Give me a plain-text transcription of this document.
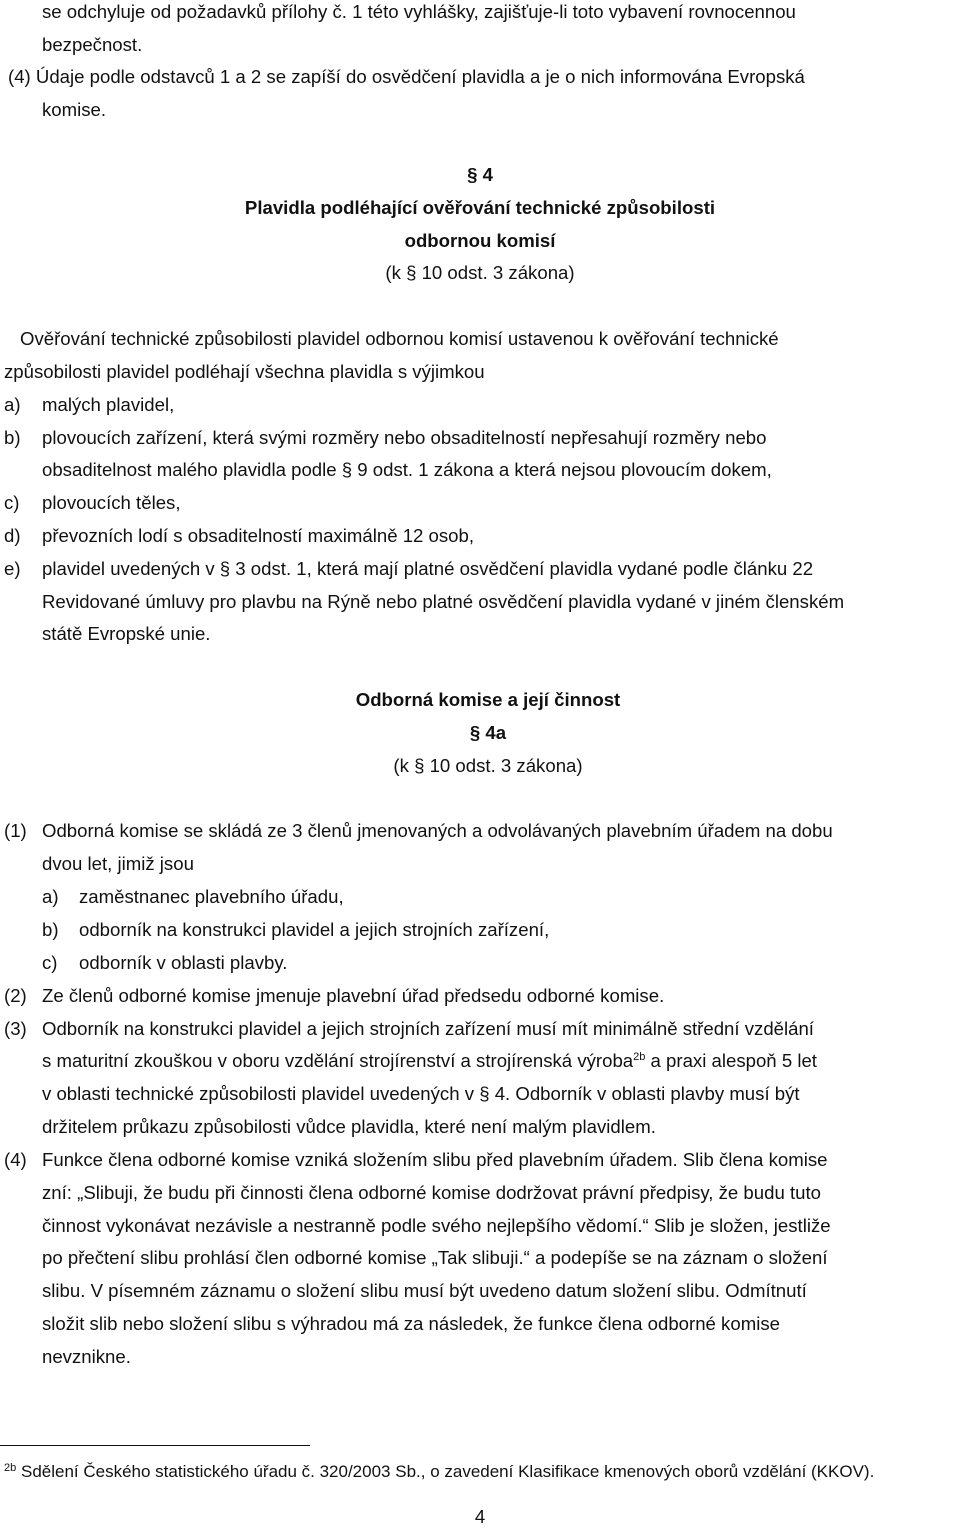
se odchyluje od požadavků přílohy č. 1 této vyhlášky, zajišťuje-li toto vybavení rovnocennou
bezpečnost.
(4) Údaje podle odstavců 1 a 2 se zapíší do osvědčení plavidla a je o nich informována Evropská
komise.
§ 4
Plavidla podléhající ověřování technické způsobilosti
odbornou komisí
(k § 10 odst. 3 zákona)
Ověřování technické způsobilosti plavidel odbornou komisí ustavenou k ověřování technické
způsobilosti plavidel podléhají všechna plavidla s výjimkou
a) malých plavidel,
b) plovoucích zařízení, která svými rozměry nebo obsaditelností nepřesahují rozměry nebo
obsaditelnost malého plavidla podle § 9 odst. 1 zákona a která nejsou plovoucím dokem,
c) plovoucích těles,
d) převozních lodí s obsaditelností maximálně 12 osob,
e) plavidel uvedených v § 3 odst. 1, která mají platné osvědčení plavidla vydané podle článku 22
Revidované úmluvy pro plavbu na Rýně nebo platné osvědčení plavidla vydané v jiném členském
státě Evropské unie.
Odborná komise a její činnost
§ 4a
(k § 10 odst. 3 zákona)
(1) Odborná komise se skládá ze 3 členů jmenovaných a odvolávaných plavebním úřadem na dobu
dvou let, jimiž jsou
a) zaměstnanec plavebního úřadu,
b) odborník na konstrukci plavidel a jejich strojních zařízení,
c) odborník v oblasti plavby.
(2) Ze členů odborné komise jmenuje plavební úřad předsedu odborné komise.
(3) Odborník na konstrukci plavidel a jejich strojních zařízení musí mít minimálně střední vzdělání
s maturitní zkouškou v oboru vzdělání strojírenství a strojírenská výroba$^{2b}$ a praxi alespoň 5 let
v oblasti technické způsobilosti plavidel uvedených v § 4. Odborník v oblasti plavby musí být
držitelem průkazu způsobilosti vůdce plavidla, které není malým plavidlem.
(4) Funkce člena odborné komise vzniká složením slibu před plavebním úřadem. Slib člena komise
zní: „Slibuji, že budu při činnosti člena odborné komise dodržovat právní předpisy, že budu tuto
činnost vykonávat nezávisle a nestranně podle svého nejlepšího vědomí.“ Slib je složen, jestliže
po přečtení slibu prohlásí člen odborné komise „Tak slibuji.“ a podepíše se na záznam o složení
slibu. V písemném záznamu o složení slibu musí být uvedeno datum složení slibu. Odmítnutí
složit slib nebo složení slibu s výhradou má za následek, že funkce člena odborné komise
nevznikne.
$^{2b}$ Sdělení Českého statistického úřadu č. 320/2003 Sb., o zavedení Klasifikace kmenových oborů vzdělání (KKOV).
4
